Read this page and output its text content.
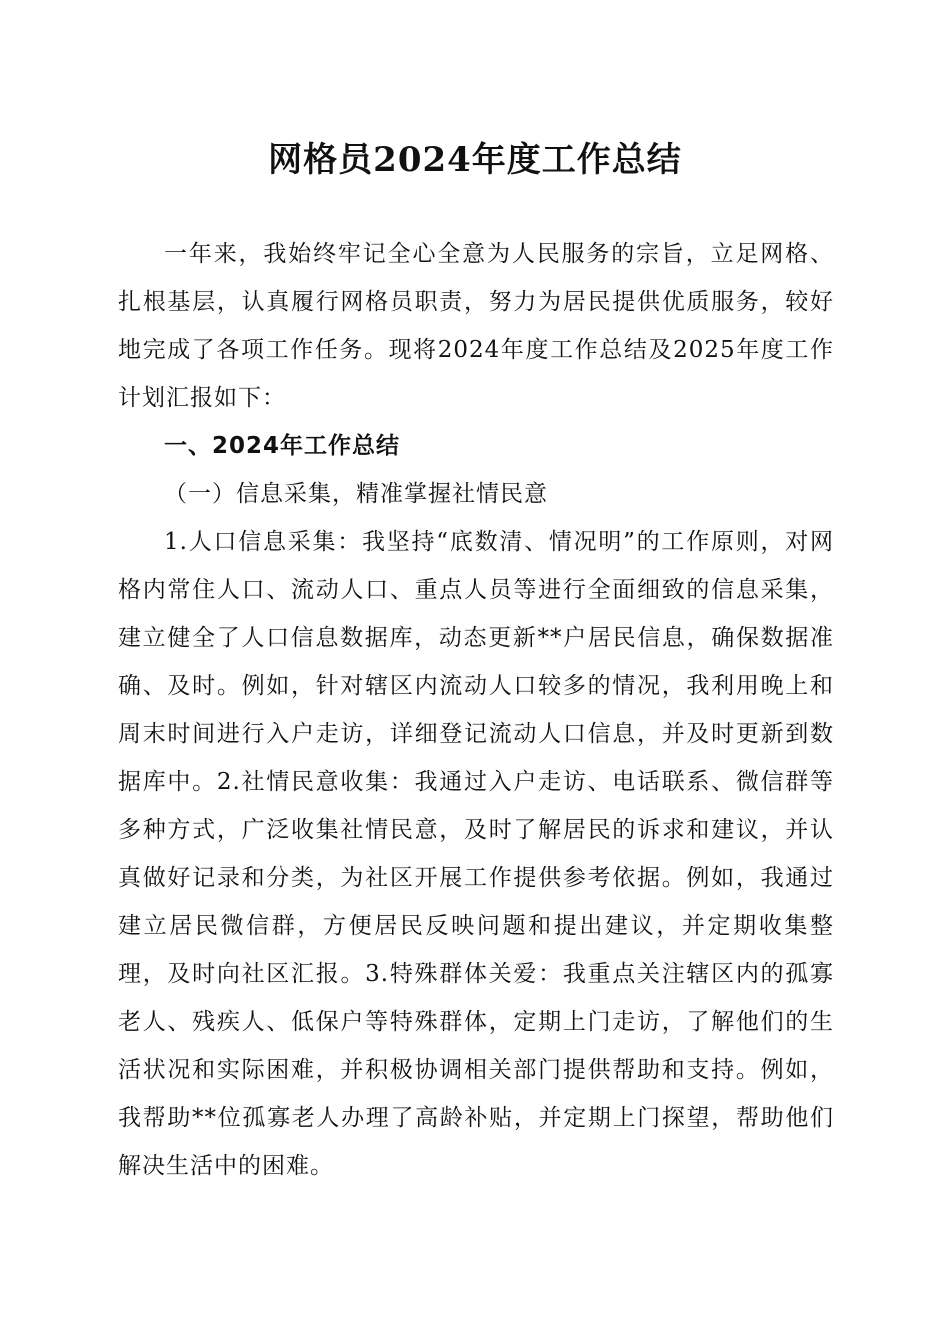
网格员2024年度工作总结

一年来，我始终牢记全心全意为人民服务的宗旨，立足网格、扎根基层，认真履行网格员职责，努力为居民提供优质服务，较好地完成了各项工作任务。现将2024年度工作总结及2025年度工作计划汇报如下：

一、2024年工作总结

（一）信息采集，精准掌握社情民意

1.人口信息采集：我坚持“底数清、情况明”的工作原则，对网格内常住人口、流动人口、重点人员等进行全面细致的信息采集，建立健全了人口信息数据库，动态更新**户居民信息，确保数据准确、及时。例如，针对辖区内流动人口较多的情况，我利用晚上和周末时间进行入户走访，详细登记流动人口信息，并及时更新到数据库中。2.社情民意收集：我通过入户走访、电话联系、微信群等多种方式，广泛收集社情民意，及时了解居民的诉求和建议，并认真做好记录和分类，为社区开展工作提供参考依据。例如，我通过建立居民微信群，方便居民反映问题和提出建议，并定期收集整理，及时向社区汇报。3.特殊群体关爱：我重点关注辖区内的孤寡老人、残疾人、低保户等特殊群体，定期上门走访，了解他们的生活状况和实际困难，并积极协调相关部门提供帮助和支持。例如，我帮助**位孤寡老人办理了高龄补贴，并定期上门探望，帮助他们解决生活中的困难。
